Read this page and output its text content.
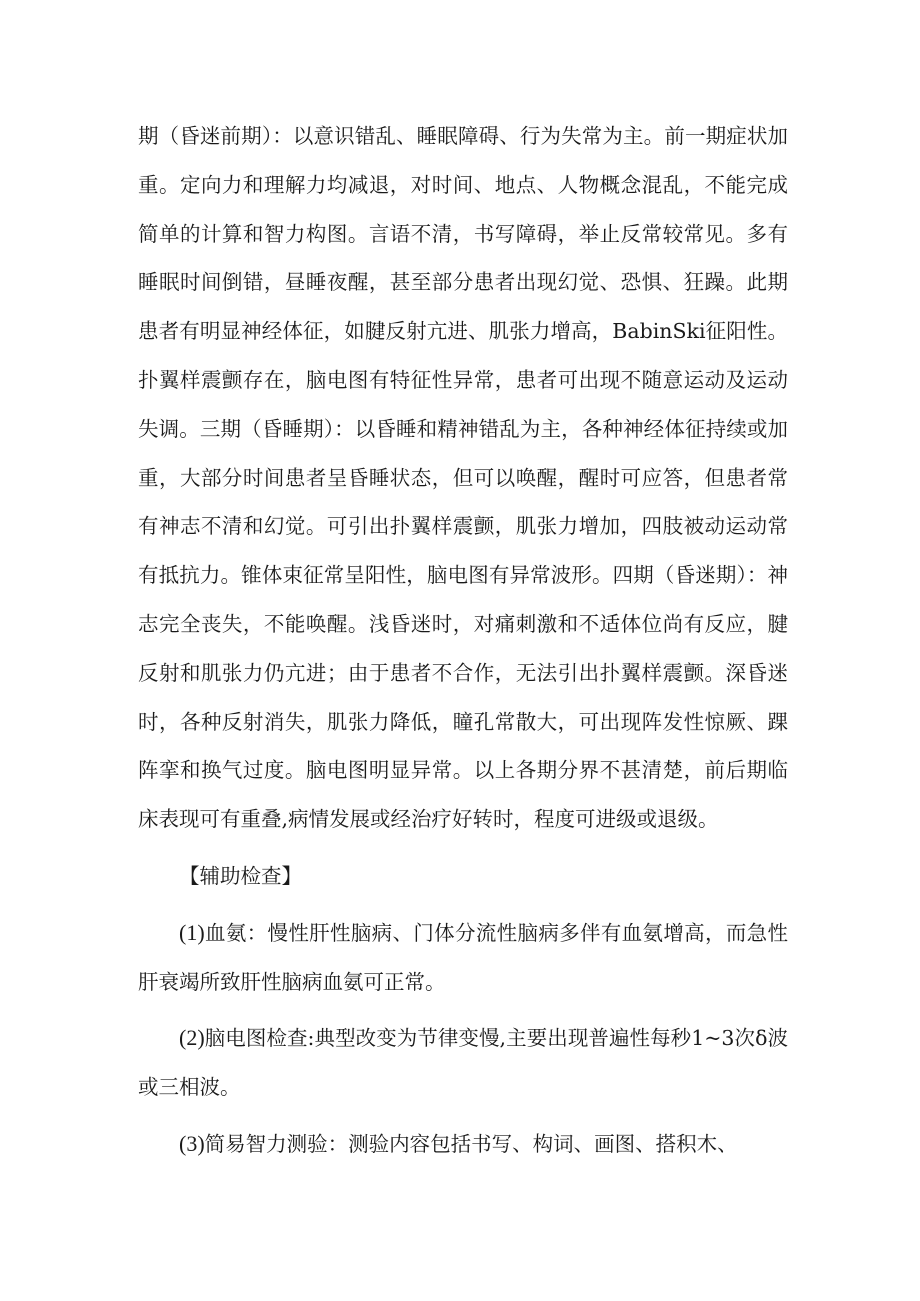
期（昏迷前期）：以意识错乱、睡眠障碍、行为失常为主。前一期症状加重。定向力和理解力均减退，对时间、地点、人物概念混乱，不能完成简单的计算和智力构图。言语不清，书写障碍，举止反常较常见。多有睡眠时间倒错，昼睡夜醒，甚至部分患者出现幻觉、恐惧、狂躁。此期患者有明显神经体征，如腱反射亢进、肌张力增高，BabinSki征阳性。扑翼样震颤存在，脑电图有特征性异常，患者可出现不随意运动及运动失调。三期（昏睡期）：以昏睡和精神错乱为主，各种神经体征持续或加重，大部分时间患者呈昏睡状态，但可以唤醒，醒时可应答，但患者常有神志不清和幻觉。可引出扑翼样震颤，肌张力增加，四肢被动运动常有抵抗力。锥体束征常呈阳性，脑电图有异常波形。四期（昏迷期）：神志完全丧失，不能唤醒。浅昏迷时，对痛刺激和不适体位尚有反应，腱反射和肌张力仍亢进；由于患者不合作，无法引出扑翼样震颤。深昏迷时，各种反射消失，肌张力降低，瞳孔常散大，可出现阵发性惊厥、踝阵挛和换气过度。脑电图明显异常。以上各期分界不甚清楚，前后期临床表现可有重叠,病情发展或经治疗好转时，程度可进级或退级。

【辅助检查】

(1)血氨：慢性肝性脑病、门体分流性脑病多伴有血氨增高，而急性肝衰竭所致肝性脑病血氨可正常。

(2)脑电图检查:典型改变为节律变慢,主要出现普遍性每秒1~3次δ波或三相波。

(3)简易智力测验：测验内容包括书写、构词、画图、搭积木、
